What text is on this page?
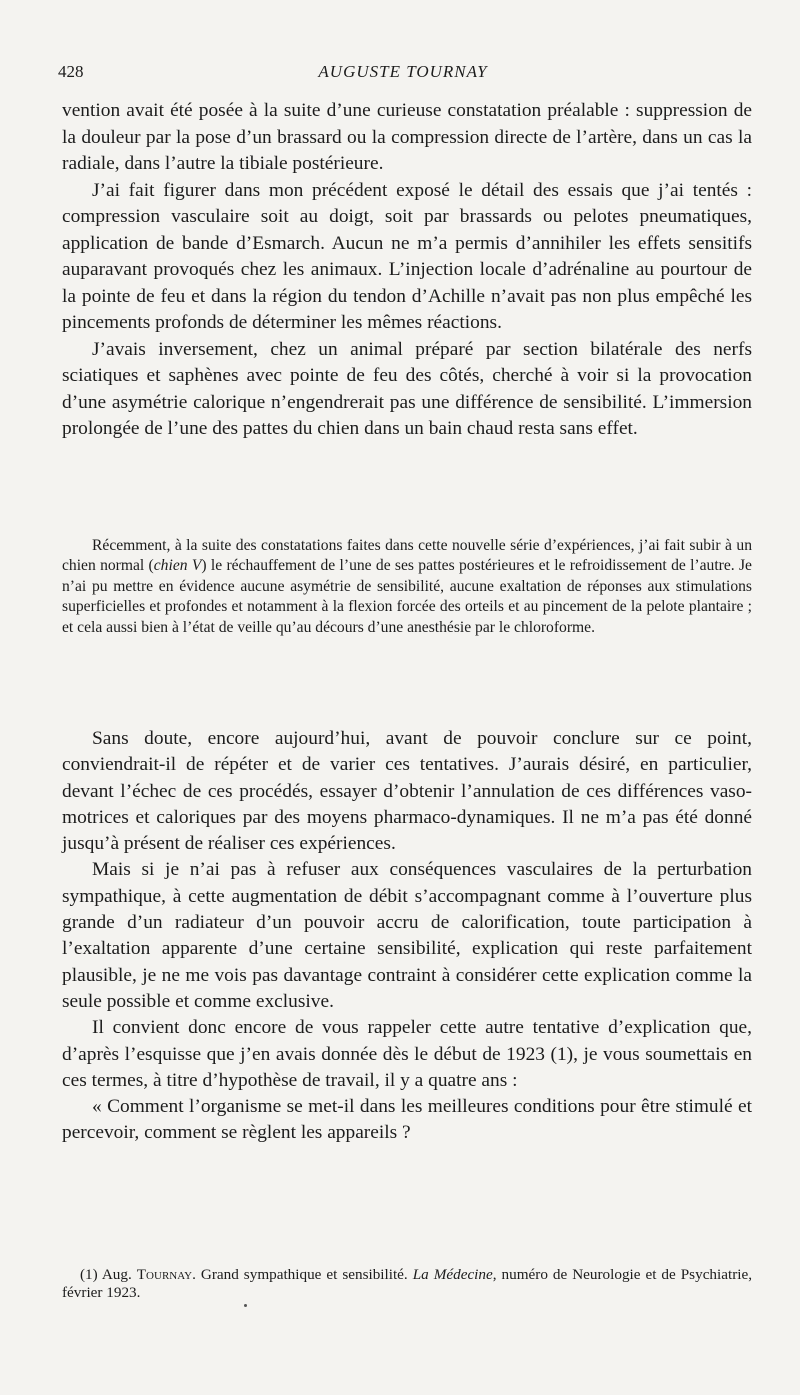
428	AUGUSTE TOURNAY

vention avait été posée à la suite d’une curieuse constatation préalable : suppression de la douleur par la pose d’un brassard ou la compression directe de l’artère, dans un cas la radiale, dans l’autre la tibiale postérieure.

J’ai fait figurer dans mon précédent exposé le détail des essais que j’ai tentés : compression vasculaire soit au doigt, soit par brassards ou pelotes pneumatiques, application de bande d’Esmarch. Aucun ne m’a permis d’annihiler les effets sensitifs auparavant provoqués chez les animaux. L’injection locale d’adrénaline au pourtour de la pointe de feu et dans la région du tendon d’Achille n’avait pas non plus empêché les pincements profonds de déterminer les mêmes réactions.

J’avais inversement, chez un animal préparé par section bilatérale des nerfs sciatiques et saphènes avec pointe de feu des côtés, cherché à voir si la provocation d’une asymétrie calorique n’engendrerait pas une différence de sensibilité. L’immersion prolongée de l’une des pattes du chien dans un bain chaud resta sans effet.

Récemment, à la suite des constatations faites dans cette nouvelle série d’expériences, j’ai fait subir à un chien normal (chien V) le réchauffement de l’une de ses pattes postérieures et le refroidissement de l’autre. Je n’ai pu mettre en évidence aucune asymétrie de sensibilité, aucune exaltation de réponses aux stimulations superficielles et profondes et notamment à la flexion forcée des orteils et au pincement de la pelote plantaire ; et cela aussi bien à l’état de veille qu’au décours d’une anesthésie par le chloroforme.

Sans doute, encore aujourd’hui, avant de pouvoir conclure sur ce point, conviendrait-il de répéter et de varier ces tentatives. J’aurais désiré, en particulier, devant l’échec de ces procédés, essayer d’obtenir l’annulation de ces différences vaso-motrices et caloriques par des moyens pharmaco-dynamiques. Il ne m’a pas été donné jusqu’à présent de réaliser ces expériences.

Mais si je n’ai pas à refuser aux conséquences vasculaires de la perturbation sympathique, à cette augmentation de débit s’accompagnant comme à l’ouverture plus grande d’un radiateur d’un pouvoir accru de calorification, toute participation à l’exaltation apparente d’une certaine sensibilité, explication qui reste parfaitement plausible, je ne me vois pas davantage contraint à considérer cette explication comme la seule possible et comme exclusive.

Il convient donc encore de vous rappeler cette autre tentative d’explication que, d’après l’esquisse que j’en avais donnée dès le début de 1923 (1), je vous soumettais en ces termes, à titre d’hypothèse de travail, il y a quatre ans :

« Comment l’organisme se met-il dans les meilleures conditions pour être stimulé et percevoir, comment se règlent les appareils ?

(1) Aug. Tournay. Grand sympathique et sensibilité. La Médecine, numéro de Neurologie et de Psychiatrie, février 1923.
